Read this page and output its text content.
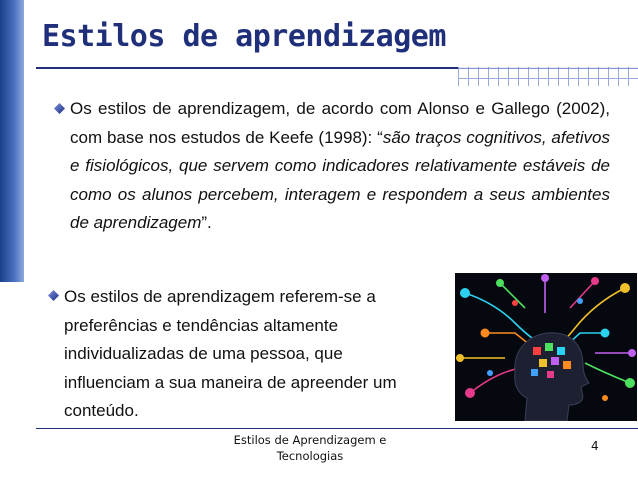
Estilos de aprendizagem

Os estilos de aprendizagem, de acordo com Alonso e Gallego (2002), com base nos estudos de Keefe (1998): “são traços cognitivos, afetivos e fisiológicos, que servem como indicadores relativamente estáveis de como os alunos percebem, interagem e respondem a seus ambientes de aprendizagem”.

Os estilos de aprendizagem referem-se a preferências e tendências altamente individualizadas de uma pessoa, que influenciam a sua maneira de apreender um conteúdo.

Estilos de Aprendizagem e Tecnologias

4
